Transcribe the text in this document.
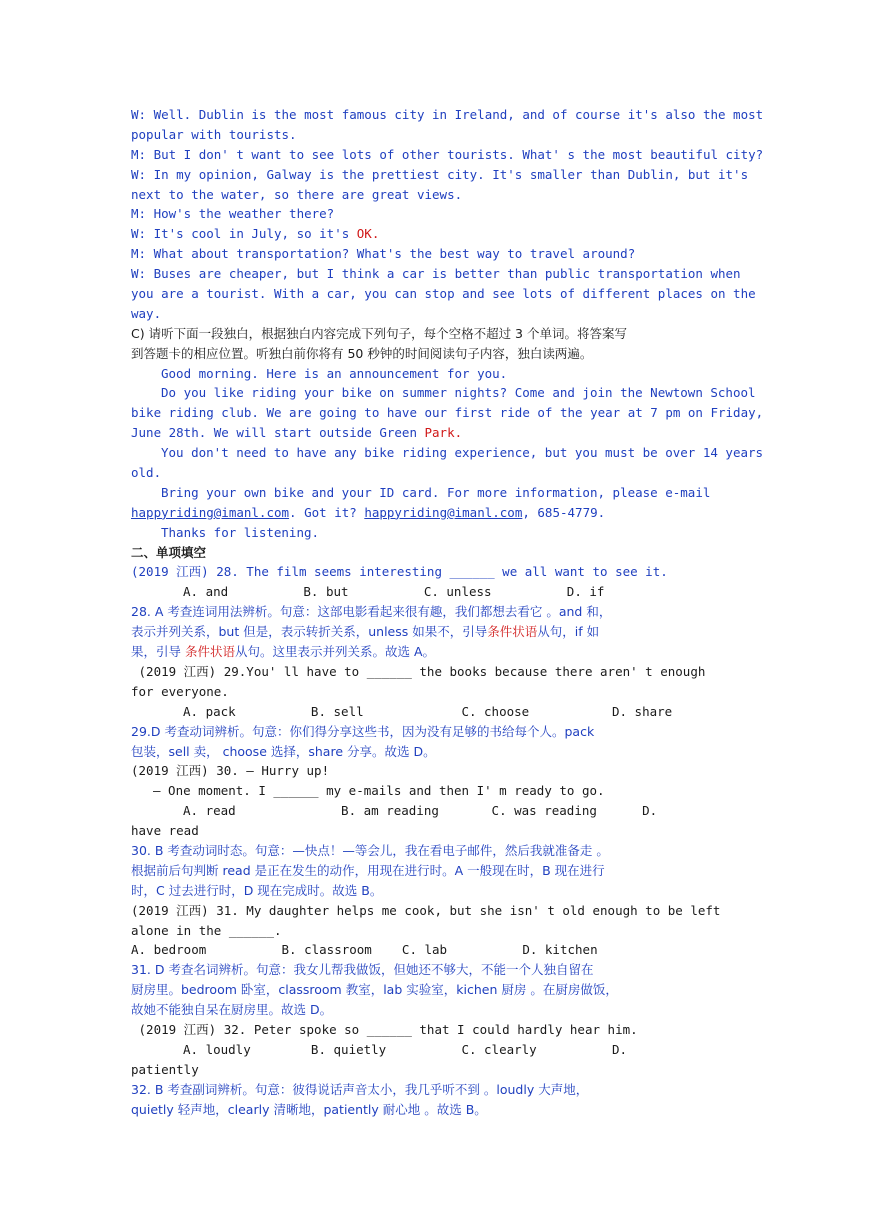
W: Well. Dublin is the most famous city in Ireland, and of course it's also the most
popular with tourists.
M: But I don' t want to see lots of other tourists. What' s the most beautiful city?
W: In my opinion, Galway is the prettiest city. It's smaller than Dublin, but it's
next to the water, so there are great views.
M: How's the weather there?
W: It's cool in July, so it's OK.
M: What about transportation? What's the best way to travel around?
W: Buses are cheaper, but I think a car is better than public transportation when
you are a tourist. With a car, you can stop and see lots of different places on the
way.
C) 请听下面一段独白，根据独白内容完成下列句子，每个空格不超过 3 个单词。将答案写
到答题卡的相应位置。听独白前你将有 50 秒钟的时间阅读句子内容，独白读两遍。
Good morning. Here is an announcement for you.
Do you like riding your bike on summer nights? Come and join the Newtown School
bike riding club. We are going to have our first ride of the year at 7 pm on Friday,
June 28th. We will start outside Green Park.
You don't need to have any bike riding experience, but you must be over 14 years
old.
Bring your own bike and your ID card. For more information, please e-mail
happyriding@imanl.com. Got it? happyriding@imanl.com, 685-4779.
Thanks for listening.
二、单项填空
(2019 江西) 28. The film seems interesting ______ we all want to see it.
A. and          B. but          C. unless          D. if
28. A 考查连词用法辨析。句意：这部电影看起来很有趣，我们都想去看它 。and 和，
表示并列关系，but 但是，表示转折关系，unless 如果不，引导条件状语从句，if 如
果，引导 条件状语从句。这里表示并列关系。故选 A。
(2019 江西) 29.You' ll have to ______ the books because there aren' t enough
for everyone.
A. pack          B. sell             C. choose           D. share
29.D 考查动词辨析。句意：你们得分享这些书，因为没有足够的书给每个人。pack
包装，sell 卖， choose 选择，share 分享。故选 D。
(2019 江西) 30. — Hurry up!
— One moment. I ______ my e-mails and then I' m ready to go.
A. read              B. am reading       C. was reading      D.
have read
30. B 考查动词时态。句意：—快点！—等会儿，我在看电子邮件，然后我就准备走 。
根据前后句判断 read 是正在发生的动作，用现在进行时。A 一般现在时，B 现在进行
时，C 过去进行时，D 现在完成时。故选 B。
(2019 江西) 31. My daughter helps me cook, but she isn' t old enough to be left
alone in the ______.
A. bedroom          B. classroom    C. lab          D. kitchen
31. D 考查名词辨析。句意：我女儿帮我做饭，但她还不够大，不能一个人独自留在
厨房里。bedroom 卧室，classroom 教室，lab 实验室，kichen 厨房 。在厨房做饭，
故她不能独自呆在厨房里。故选 D。
(2019 江西) 32. Peter spoke so ______ that I could hardly hear him.
A. loudly        B. quietly          C. clearly          D.
patiently
32. B 考查副词辨析。句意：彼得说话声音太小，我几乎听不到 。loudly 大声地，
quietly 轻声地，clearly 清晰地，patiently 耐心地 。故选 B。
